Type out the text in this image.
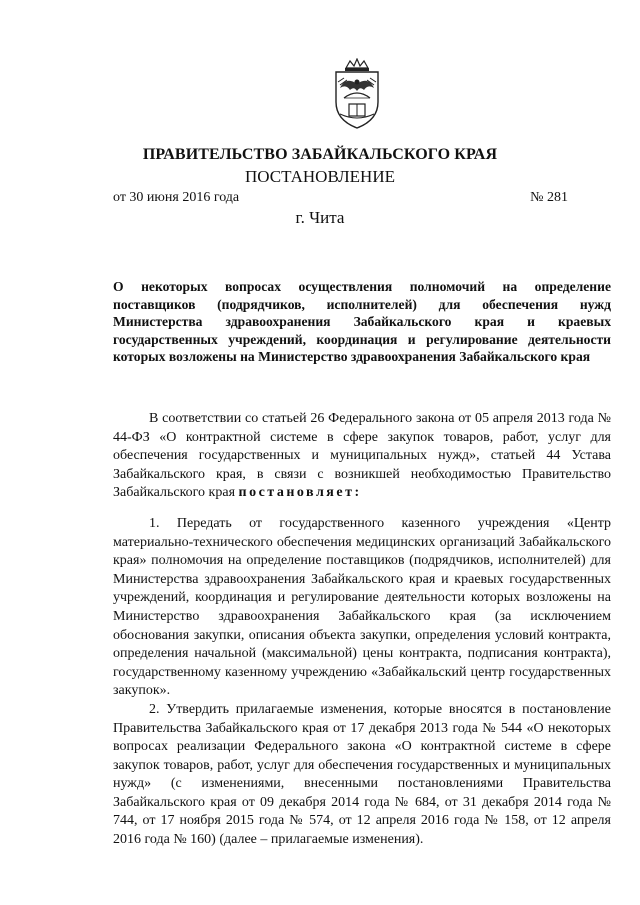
ПРАВИТЕЛЬСТВО ЗАБАЙКАЛЬСКОГО КРАЯ
ПОСТАНОВЛЕНИЕ
от 30 июня 2016 года	№ 281
г. Чита

О некоторых вопросах осуществления полномочий на определение поставщиков (подрядчиков, исполнителей) для обеспечения нужд Министерства здравоохранения Забайкальского края и краевых государственных учреждений, координация и регулирование деятельности которых возложены на Министерство здравоохранения Забайкальского края

В соответствии со статьей 26 Федерального закона от 05 апреля 2013 года № 44-ФЗ «О контрактной системе в сфере закупок товаров, работ, услуг для обеспечения государственных и муниципальных нужд», статьей 44 Устава Забайкальского края, в связи с возникшей необходимостью Правительство Забайкальского края постановляет:

1. Передать от государственного казенного учреждения «Центр материально-технического обеспечения медицинских организаций Забайкальского края» полномочия на определение поставщиков (подрядчиков, исполнителей) для Министерства здравоохранения Забайкальского края и краевых государственных учреждений, координация и регулирование деятельности которых возложены на Министерство здравоохранения Забайкальского края (за исключением обоснования закупки, описания объекта закупки, определения условий контракта, определения начальной (максимальной) цены контракта, подписания контракта), государственному казенному учреждению «Забайкальский центр государственных закупок».

2. Утвердить прилагаемые изменения, которые вносятся в постановление Правительства Забайкальского края от 17 декабря 2013 года № 544 «О некоторых вопросах реализации Федерального закона «О контрактной системе в сфере закупок товаров, работ, услуг для обеспечения государственных и муниципальных нужд» (с изменениями, внесенными постановлениями Правительства Забайкальского края от 09 декабря 2014 года № 684, от 31 декабря 2014 года № 744, от 17 ноября 2015 года № 574, от 12 апреля 2016 года № 158, от 12 апреля 2016 года № 160) (далее – прилагаемые изменения).
